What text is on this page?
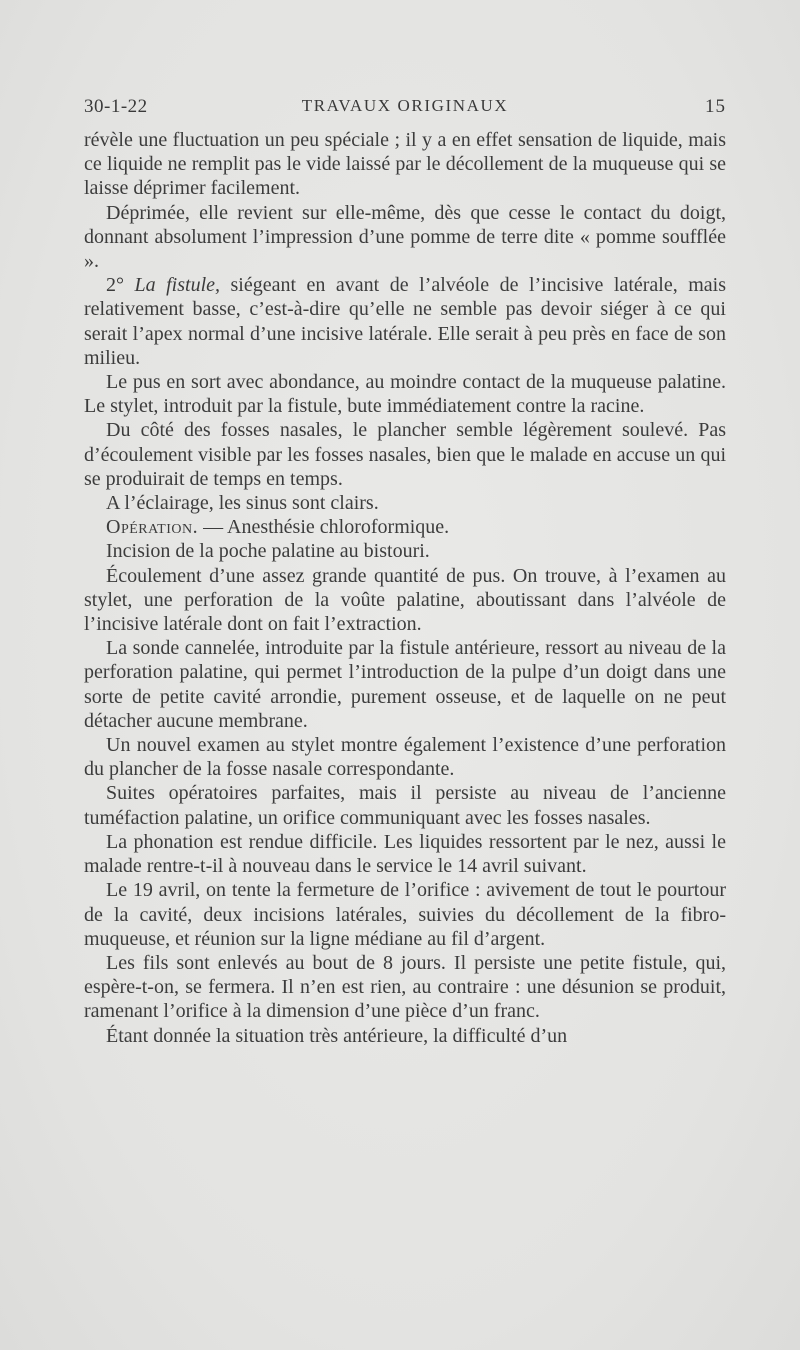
30-1-22	TRAVAUX ORIGINAUX	15

révèle une fluctuation un peu spéciale ; il y a en effet sensation de liquide, mais ce liquide ne remplit pas le vide laissé par le décollement de la muqueuse qui se laisse déprimer facilement.

Déprimée, elle revient sur elle-même, dès que cesse le contact du doigt, donnant absolument l’impression d’une pomme de terre dite « pomme soufflée ».

2° La fistule, siégeant en avant de l’alvéole de l’incisive latérale, mais relativement basse, c’est-à-dire qu’elle ne semble pas devoir siéger à ce qui serait l’apex normal d’une incisive latérale. Elle serait à peu près en face de son milieu.

Le pus en sort avec abondance, au moindre contact de la muqueuse palatine. Le stylet, introduit par la fistule, bute immédiatement contre la racine.

Du côté des fosses nasales, le plancher semble légèrement soulevé. Pas d’écoulement visible par les fosses nasales, bien que le malade en accuse un qui se produirait de temps en temps.

A l’éclairage, les sinus sont clairs.

Opération. — Anesthésie chloroformique.

Incision de la poche palatine au bistouri.

Écoulement d’une assez grande quantité de pus. On trouve, à l’examen au stylet, une perforation de la voûte palatine, aboutissant dans l’alvéole de l’incisive latérale dont on fait l’extraction.

La sonde cannelée, introduite par la fistule antérieure, ressort au niveau de la perforation palatine, qui permet l’introduction de la pulpe d’un doigt dans une sorte de petite cavité arrondie, purement osseuse, et de laquelle on ne peut détacher aucune membrane.

Un nouvel examen au stylet montre également l’existence d’une perforation du plancher de la fosse nasale correspondante.

Suites opératoires parfaites, mais il persiste au niveau de l’ancienne tuméfaction palatine, un orifice communiquant avec les fosses nasales.

La phonation est rendue difficile. Les liquides ressortent par le nez, aussi le malade rentre-t-il à nouveau dans le service le 14 avril suivant.

Le 19 avril, on tente la fermeture de l’orifice : avivement de tout le pourtour de la cavité, deux incisions latérales, suivies du décollement de la fibro-muqueuse, et réunion sur la ligne médiane au fil d’argent.

Les fils sont enlevés au bout de 8 jours. Il persiste une petite fistule, qui, espère-t-on, se fermera. Il n’en est rien, au contraire : une désunion se produit, ramenant l’orifice à la dimension d’une pièce d’un franc.

Étant donnée la situation très antérieure, la difficulté d’un
